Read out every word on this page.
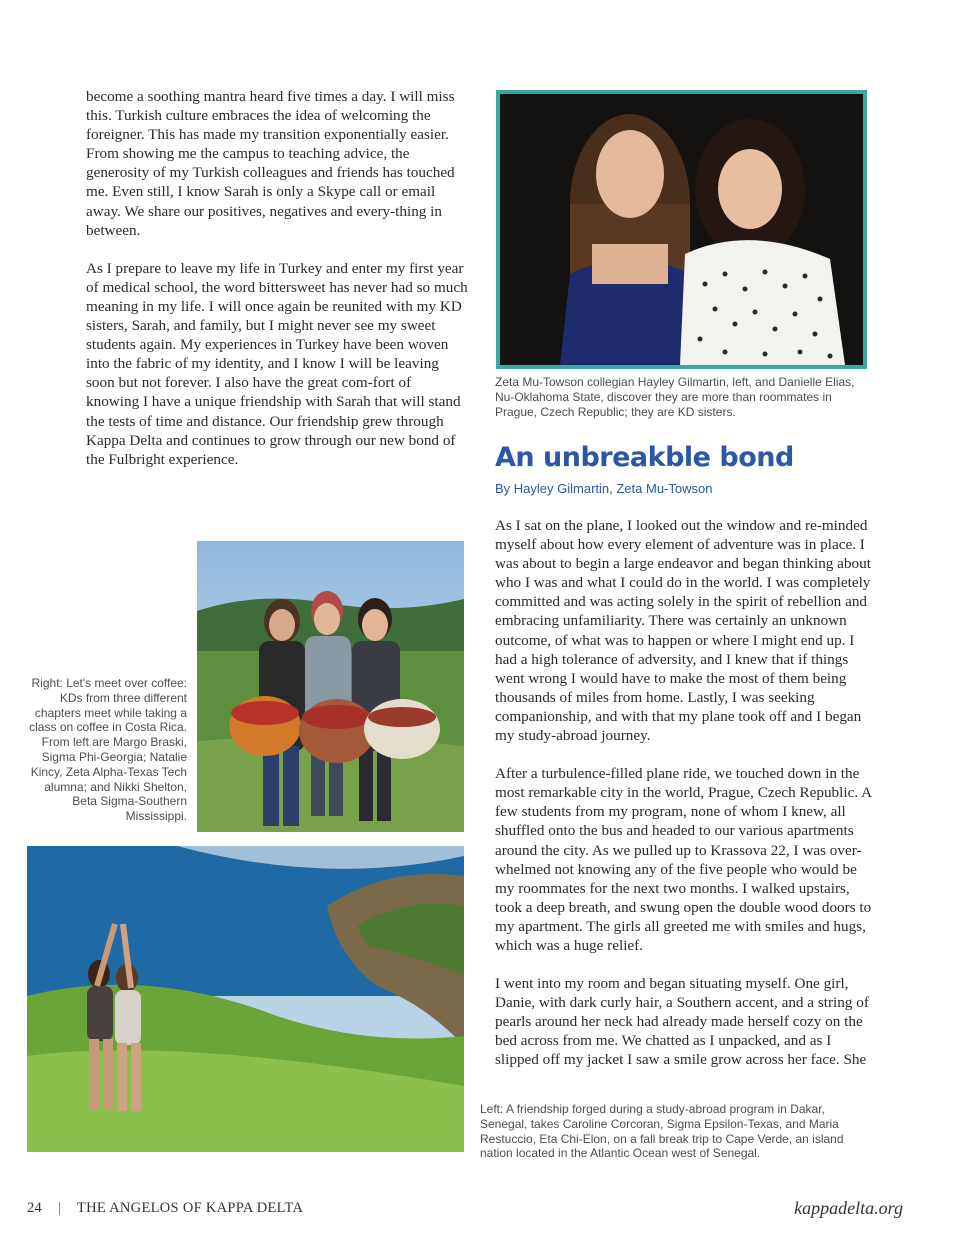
become a soothing mantra heard five times a day. I will miss this. Turkish culture embraces the idea of welcoming the foreigner. This has made my transition exponentially easier. From showing me the campus to teaching advice, the generosity of my Turkish colleagues and friends has touched me. Even still, I know Sarah is only a Skype call or email away. We share our positives, negatives and every-thing in between.

As I prepare to leave my life in Turkey and enter my first year of medical school, the word bittersweet has never had so much meaning in my life. I will once again be reunited with my KD sisters, Sarah, and family, but I might never see my sweet students again. My experiences in Turkey have been woven into the fabric of my identity, and I know I will be leaving soon but not forever. I also have the great com-fort of knowing I have a unique friendship with Sarah that will stand the tests of time and distance. Our friendship grew through Kappa Delta and continues to grow through our new bond of the Fulbright experience.

Zeta Mu-Towson collegian Hayley Gilmartin, left, and Danielle Elias, Nu-Oklahoma State, discover they are more than roommates in Prague, Czech Republic; they are KD sisters.
An unbreakble bond
By Hayley Gilmartin, Zeta Mu-Towson

As I sat on the plane, I looked out the window and re-minded myself about how every element of adventure was in place. I was about to begin a large endeavor and began thinking about who I was and what I could do in the world. I was completely committed and was acting solely in the spirit of rebellion and embracing unfamiliarity. There was certainly an unknown outcome, of what was to happen or where I might end up. I had a high tolerance of adversity, and I knew that if things went wrong I would have to make the most of them being thousands of miles from home. Lastly, I was seeking companionship, and with that my plane took off and I began my study-abroad journey.

After a turbulence-filled plane ride, we touched down in the most remarkable city in the world, Prague, Czech Republic. A few students from my program, none of whom I knew, all shuffled onto the bus and headed to our various apartments around the city. As we pulled up to Krassova 22, I was over-whelmed not knowing any of the five people who would be my roommates for the next two months. I walked upstairs, took a deep breath, and swung open the double wood doors to my apartment. The girls all greeted me with smiles and hugs, which was a huge relief.

I went into my room and began situating myself. One girl, Danie, with dark curly hair, a Southern accent, and a string of pearls around her neck had already made herself cozy on the bed across from me. We chatted as I unpacked, and as I slipped off my jacket I saw a smile grow across her face. She

Right: Let's meet over coffee: KDs from three different chapters meet while taking a class on coffee in Costa Rica. From left are Margo Braski, Sigma Phi-Georgia; Natalie Kincy, Zeta Alpha-Texas Tech alumna; and Nikki Shelton, Beta Sigma-Southern Mississippi.
Left: A friendship forged during a study-abroad program in Dakar, Senegal, takes Caroline Corcoran, Sigma Epsilon-Texas, and Maria Restuccio, Eta Chi-Elon, on a fall break trip to Cape Verde, an island nation located in the Atlantic Ocean west of Senegal.
24 | THE ANGELOS OF KAPPA DELTA	kappadelta.org
